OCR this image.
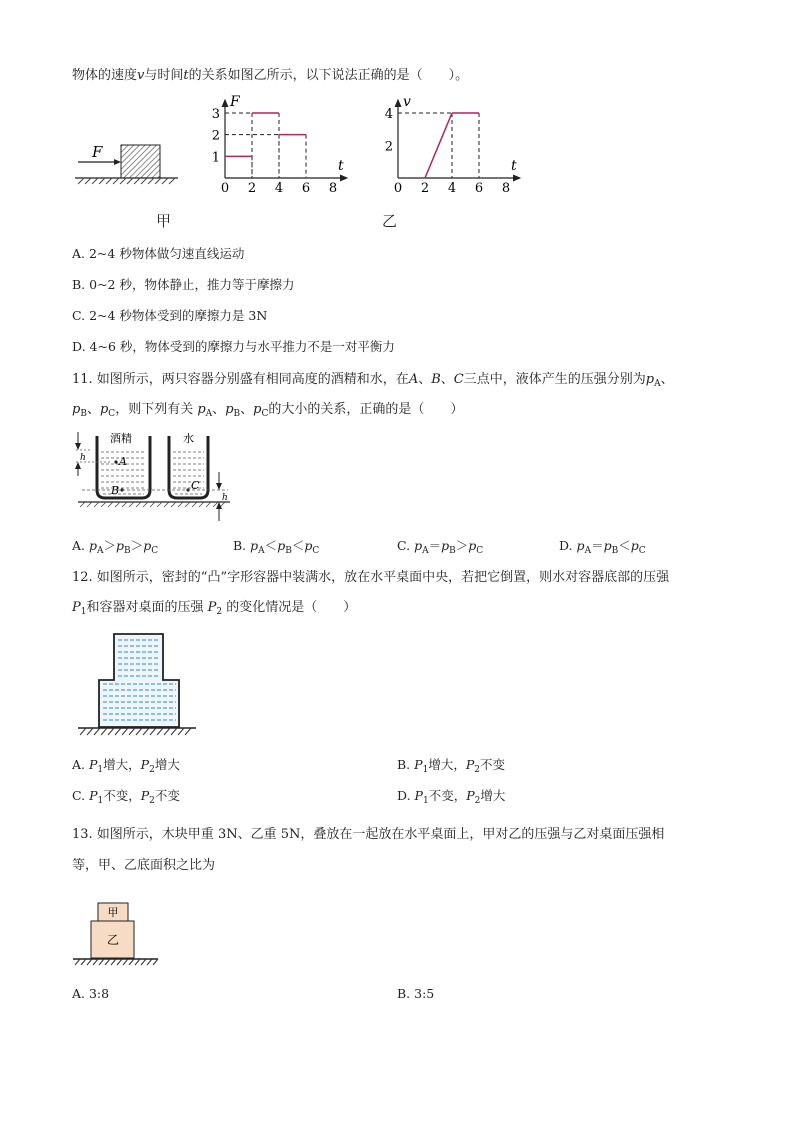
物体的速度v与时间t的关系如图乙所示，以下说法正确的是（　　）。
F
甲
F
t
1
2
3
0 2 4 6 8
v
t
2
4
0 2 4 6 8
乙
A. 2~4 秒物体做匀速直线运动
B. 0~2 秒，物体静止，推力等于摩擦力
C. 2~4 秒物体受到的摩擦力是 3N
D. 4~6 秒，物体受到的摩擦力与水平推力不是一对平衡力
11. 如图所示，两只容器分别盛有相同高度的酒精和水，在A、B、C三点中，液体产生的压强分别为$p_A$、
$p_B$、$p_C$，则下列有关 $p_A$、$p_B$、$p_C$的大小的关系，正确的是（　　）
酒精	水
A
B	C
h
h
A. $p_A>p_B>p_C$	B. $p_A<p_B<p_C$	C. $p_A=p_B>p_C$	D. $p_A=p_B<p_C$
12. 如图所示，密封的“凸”字形容器中装满水，放在水平桌面中央，若把它倒置，则水对容器底部的压强
$P_1$和容器对桌面的压强 $P_2$ 的变化情况是（　　）
A. $P_1$增大，$P_2$增大	B. $P_1$增大，$P_2$不变
C. $P_1$不变，$P_2$不变	D. $P_1$不变，$P_2$增大
13. 如图所示，木块甲重 3N、乙重 5N，叠放在一起放在水平桌面上，甲对乙的压强与乙对桌面压强相
等，甲、乙底面积之比为
甲
乙
A. 3:8	B. 3:5
